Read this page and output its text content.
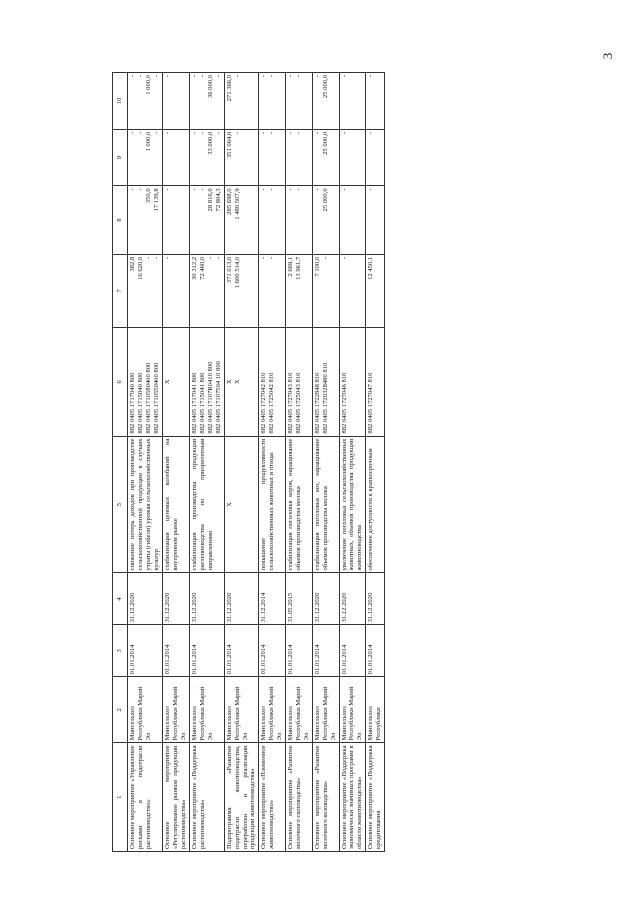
3
1	2	3	4	5	6	7	8	9	10
Основное мероприятие «Управление рисками в подотрасли растениеводство»	Минсельхоз Республики Марий Эл	01.01.2014	31.12.2020	снижение потерь доходов при производстве сельскохозяйственной продукции в случаях утраты (гибели) урожая сельскохозяйственных культур	882 0405 1717040 800 882 0405 1715040 800 882 0405 1710580400 800 882 0405 1710550400 800	382,8 16 620,0 - -	- - 350,0 17 139,8	- - 1 000,0 -	- - 1 000,0 -

Основное мероприятие «Регулирование рынков продукции растениеводства»	Минсельхоз Республики Марий Эл	01.01.2014	31.12.2020	стабилизация ценовых колебаний на внутреннем рынке	X	-	-	-	-

Основное мероприятие «Поддержка растениеводства»	Минсельхоз Республики Марий Эл	01.01.2014	31.12.2020	стабилизация производства продукции растениеводства по приоритетным направлениям	882 0405 1717041 800 882 0405 1715041 800 882 0405 17107R0410 800 882 0405 17107504 10 800	30 312,2 72 460,0 - -	- - 28 816,0 72 804,3	- - 33 000,0 -	- - 36 000,0 -

Подпрограмма «Развитие подотрасли животноводства, переработки и реализации продукции животноводства»	Минсельхоз Республики Марий Эл	01.01.2014	31.12.2020	X	X X	371 013,0 1 600 514,0	285 698,0 1 480 507,9	351 064,0 -	271 366,0 -

Основное мероприятие «Племенное животноводство»	Минсельхоз Республики Марий Эл	01.01.2014	31.12.2014	повышение продуктивности сельскохозяйственных животных и птицы	882 0405 1727042 810 882 0405 1725042 810	- -	- -	- -	- -

Основное мероприятие «Развитие молочного скотоводства»	Минсельхоз Республики Марий Эл	01.01.2014	31.05.2015	стабилизация поголовья коров, наращивание объемов производства молока	882 0405 1727043 810 882 0405 1725043 810	2 669,1 13 961,7	- -	- -	- -

Основное мероприятие «Развитие молочного козоводства»	Минсельхоз Республики Марий Эл	01.01.2014	31.12.2020	стабилизация поголовья коз, наращивание объемов производства молока	882 0405 1722848 810 882 0405 1720328480 810	7 100,0 -	- 25 000,0	- 25 000,0	- 25 000,0

Основное мероприятие «Поддержка экономически значимых программ в области животноводства»	Минсельхоз Республики Марий Эл	01.01.2014	31.12.2020	увеличение поголовья сельскохозяйственных животных, объемов производства продукции животноводства	882 0405 1727046 810	-	-	-	-

Основное мероприятие «Поддержка кредитования	Минсельхоз Республики	01.01.2014	31.12.2020	обеспечение доступности к краткосрочным	882 0405 1727047 810	12 450,1	-	-	-
